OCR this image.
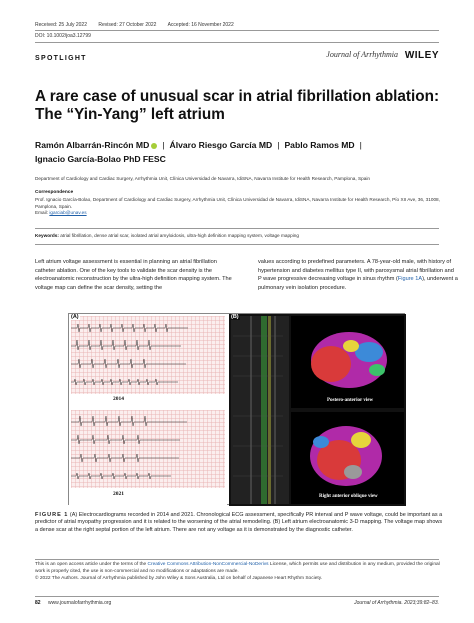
Received: 25 July 2022 Revised: 27 October 2022 Accepted: 16 November 2022
DOI: 10.1002/joa3.12799
SPOTLIGHT	Journal of Arrhythmia WILEY
A rare case of unusual scar in atrial fibrillation ablation: The “Yin-Yang” left atrium
Ramón Albarrán-Rincón MD | Álvaro Riesgo García MD | Pablo Ramos MD |
Ignacio García-Bolao PhD FESC
Department of Cardiology and Cardiac Surgery, Arrhythmia Unit, Clínica Universidad de Navarra, IdiSNA, Navarra Institute for Health Research, Pamplona, Spain
Correspondence
Prof. Ignacio García-Bolao, Department of Cardiology and Cardiac Surgery, Arrhythmia Unit, Clínica Universidad de Navarra, IdiSNA, Navarra Institute for Health Research, Pío XII Ave, 36, 31008, Pamplona, Spain.
Email: igarciab@unav.es
Keywords: atrial fibrillation, dense atrial scar, isolated atrial amyloidosis, ultra-high definition mapping system, voltage mapping
Left atrium voltage assessment is essential in planning an atrial fibrillation catheter ablation. One of the key tools to validate the scar density is the electroanatomic reconstruction by the ultra-high definition mapping system. The voltage map can define the scar density, setting the
values according to predefined parameters. A 78-year-old male, with history of hypertension and diabetes mellitus type II, with paroxysmal atrial fibrillation and P wave progressive decreasing voltage in sinus rhythm (Figure 1A), underwent a pulmonary vein isolation procedure.
2014
2021
(A)
Postero-anterior view
Right anterior oblique view
(B)
FIGURE 1 (A) Electrocardiograms recorded in 2014 and 2021. Chronological ECG assessment, specifically PR interval and P wave voltage, could be important as a predictor of atrial myopathy progression and it is related to the worsening of the atrial remodeling. (B) Left atrium electroanatomic 3-D mapping. The voltage map shows a dense scar at the right septal portion of the left atrium. There are not any voltage as it is demonstrated by the diagnostic catheter.
This is an open access article under the terms of the Creative Commons Attribution-NonCommercial-NoDerivs License, which permits use and distribution in any medium, provided the original work is properly cited, the use is non-commercial and no modifications or adaptations are made.
© 2022 The Authors. Journal of Arrhythmia published by John Wiley & Sons Australia, Ltd on behalf of Japanese Heart Rhythm Society.
82 www.journalofarrhythmia.org	Journal of Arrhythmia. 2023;39:82–83.
